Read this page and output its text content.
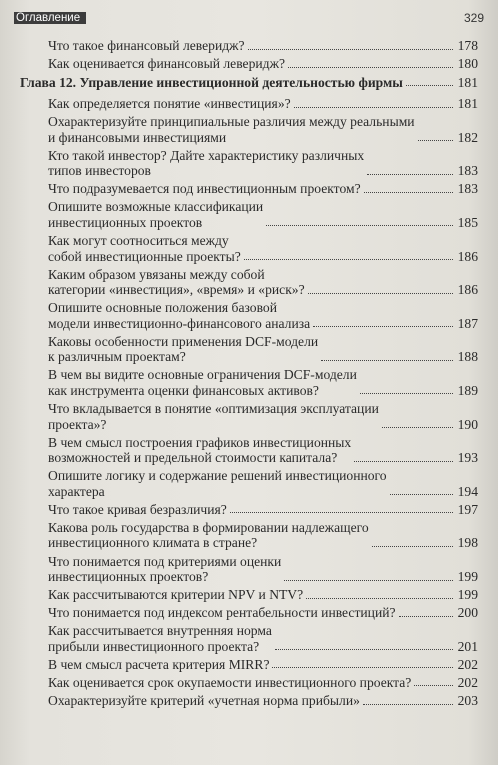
Оглавление	329
Что такое финансовый леверидж?	178
Как оценивается финансовый леверидж?	180
Глава 12. Управление инвестиционной деятельностью фирмы	181
Как определяется понятие «инвестиция»?	181
Охарактеризуйте принципиальные различия между реальными
и финансовыми инвестициями	182
Кто такой инвестор? Дайте характеристику различных
типов инвесторов	183
Что подразумевается под инвестиционным проектом?	183
Опишите возможные классификации
инвестиционных проектов	185
Как могут соотноситься между
собой инвестиционные проекты?	186
Каким образом увязаны между собой
категории «инвестиция», «время» и «риск»?	186
Опишите основные положения базовой
модели инвестиционно-финансового анализа	187
Каковы особенности применения DCF-модели
к различным проектам?	188
В чем вы видите основные ограничения DCF-модели
как инструмента оценки финансовых активов?	189
Что вкладывается в понятие «оптимизация эксплуатации
проекта»?	190
В чем смысл построения графиков инвестиционных
возможностей и предельной стоимости капитала?	193
Опишите логику и содержание решений инвестиционного
характера	194
Что такое кривая безразличия?	197
Какова роль государства в формировании надлежащего
инвестиционного климата в стране?	198
Что понимается под критериями оценки
инвестиционных проектов?	199
Как рассчитываются критерии NPV и NTV?	199
Что понимается под индексом рентабельности инвестиций?	200
Как рассчитывается внутренняя норма
прибыли инвестиционного проекта?	201
В чем смысл расчета критерия MIRR?	202
Как оценивается срок окупаемости инвестиционного проекта?	202
Охарактеризуйте критерий «учетная норма прибыли»	203
